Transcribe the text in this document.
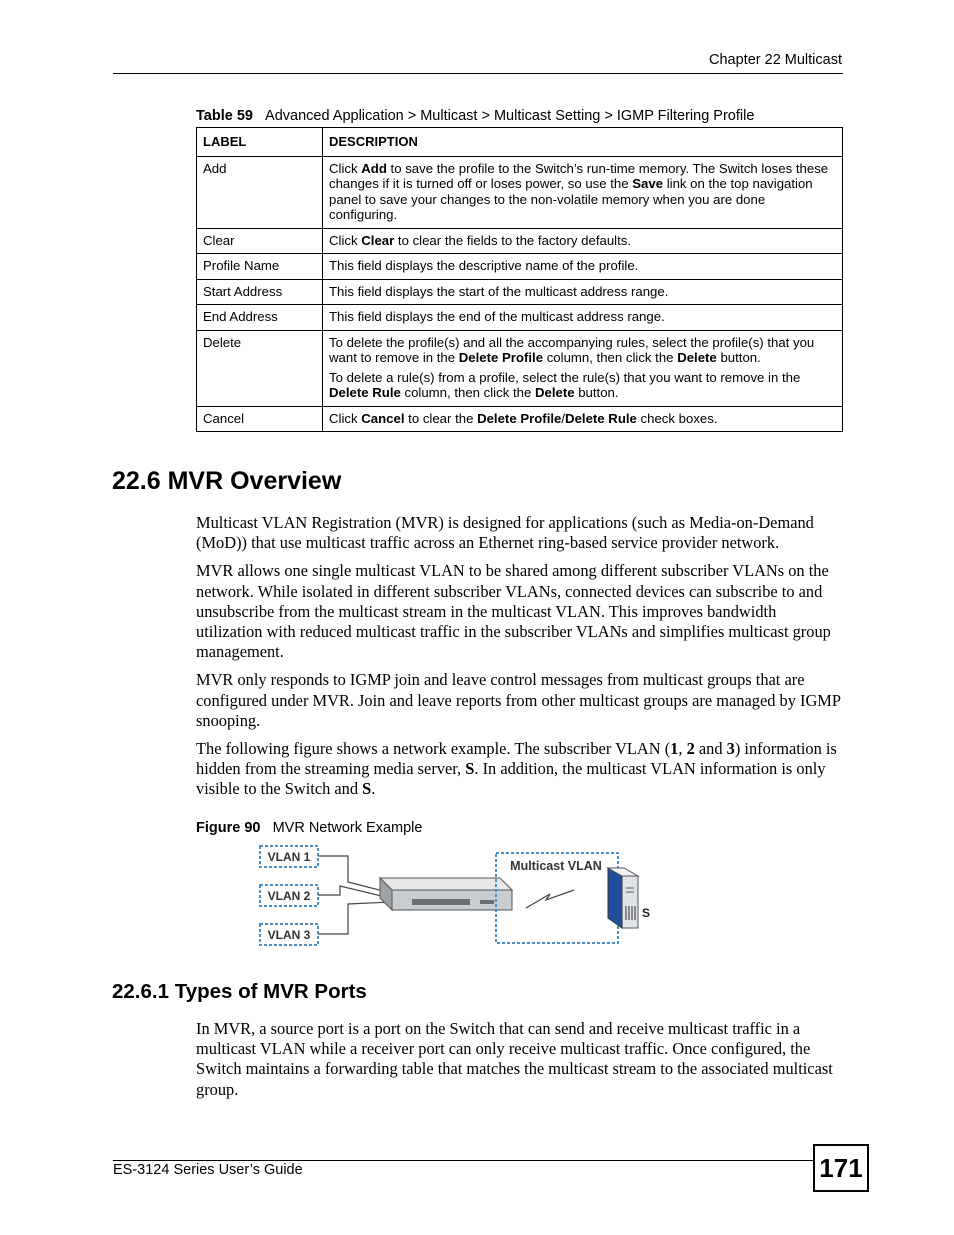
Chapter 22 Multicast
Table 59 Advanced Application > Multicast > Multicast Setting > IGMP Filtering Profile
LABEL	DESCRIPTION
Add	Click Add to save the profile to the Switch’s run-time memory. The Switch loses these changes if it is turned off or loses power, so use the Save link on the top navigation panel to save your changes to the non-volatile memory when you are done configuring.

Clear	Click Clear to clear the fields to the factory defaults.

Profile Name	This field displays the descriptive name of the profile.

Start Address	This field displays the start of the multicast address range.

End Address	This field displays the end of the multicast address range.

Delete	To delete the profile(s) and all the accompanying rules, select the profile(s) that you want to remove in the Delete Profile column, then click the Delete button.

To delete a rule(s) from a profile, select the rule(s) that you want to remove in the Delete Rule column, then click the Delete button.

Cancel	Click Cancel to clear the Delete Profile/Delete Rule check boxes.

22.6 MVR Overview

Multicast VLAN Registration (MVR) is designed for applications (such as Media-on-Demand (MoD)) that use multicast traffic across an Ethernet ring-based service provider network.

MVR allows one single multicast VLAN to be shared among different subscriber VLANs on the network. While isolated in different subscriber VLANs, connected devices can subscribe to and unsubscribe from the multicast stream in the multicast VLAN. This improves bandwidth utilization with reduced multicast traffic in the subscriber VLANs and simplifies multicast group management.

MVR only responds to IGMP join and leave control messages from multicast groups that are configured under MVR. Join and leave reports from other multicast groups are managed by IGMP snooping.

The following figure shows a network example. The subscriber VLAN (1, 2 and 3) information is hidden from the streaming media server, S. In addition, the multicast VLAN information is only visible to the Switch and S.

Figure 90 MVR Network Example
VLAN 1
VLAN 2
VLAN 3
Multicast VLAN
S
22.6.1 Types of MVR Ports

In MVR, a source port is a port on the Switch that can send and receive multicast traffic in a multicast VLAN while a receiver port can only receive multicast traffic. Once configured, the Switch maintains a forwarding table that matches the multicast stream to the associated multicast group.

ES-3124 Series User’s Guide	171
